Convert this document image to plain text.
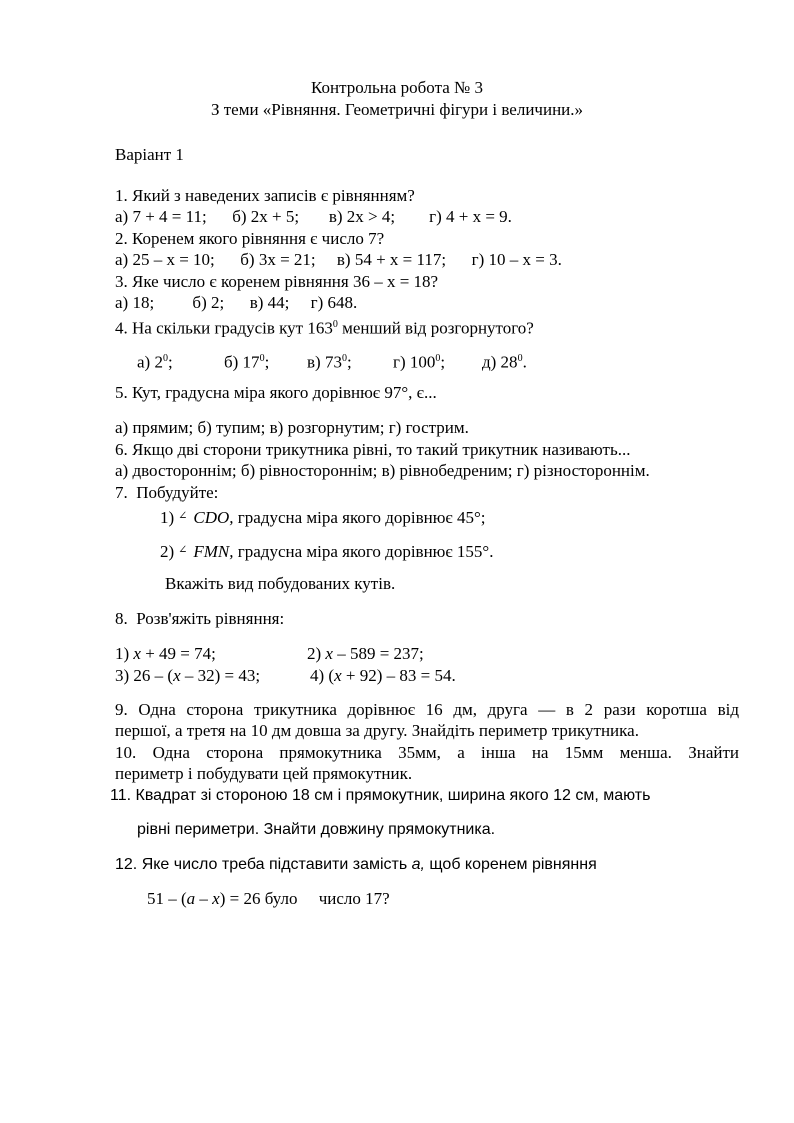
Контрольна робота № 3
З теми «Рівняння. Геометричні фігури і величини.»
Варіант 1
1. Який з наведених записів є рівнянням?
а) 7 + 4 = 11;      б) 2x + 5;       в) 2x > 4;        г) 4 + x = 9.
2. Коренем якого рівняння є число 7?
а) 25 – x = 10;      б) 3x = 21;     в) 54 + x = 117;      г) 10 – x = 3.
3. Яке число є коренем рівняння 36 – x = 18?
а) 18;         б) 2;      в) 44;     г) 648.
4. На скільки градусів кут $163^0$ менший від розгорнутого?
а) $2^0$;	б) $17^0$; в) $73^0$; г) $100^0$; д) $28^0$.
5. Кут, градусна міра якого дорівнює 97°, є...
а) прямим; б) тупим; в) розгорнутим; г) гострим.
6. Якщо дві сторони трикутника рівні, то такий трикутник називають...
а) двостороннім; б) рівностороннім; в) рівнобедреним; г) різностороннім.
7.  Побудуйте:
1) ∠ CDO, градусна міра якого дорівнює 45°;
2) ∠ FMN, градусна міра якого дорівнює 155°.
Вкажіть вид побудованих кутів.
8.  Розв'яжіть рівняння:
1) x + 49 = 74;	2) x – 589 = 237;
3) 26 – (x – 32) = 43;	4) (x + 92) – 83 = 54.
9. Одна сторона трикутника дорівнює 16 дм, друга — в 2 рази коротша від
першої, а третя на 10 дм довша за другу. Знайдіть периметр трикутника.
10. Одна сторона прямокутника 35мм, а інша на 15мм менша. Знайти
периметр і побудувати цей прямокутник.
11. Квадрат зі стороною 18 см і прямокутник, ширина якого 12 см, мають
рівні периметри. Знайти довжину прямокутника.
12. Яке число треба підставити замість a, щоб коренем рівняння
51 – (a – x) = 26 було     число 17?
